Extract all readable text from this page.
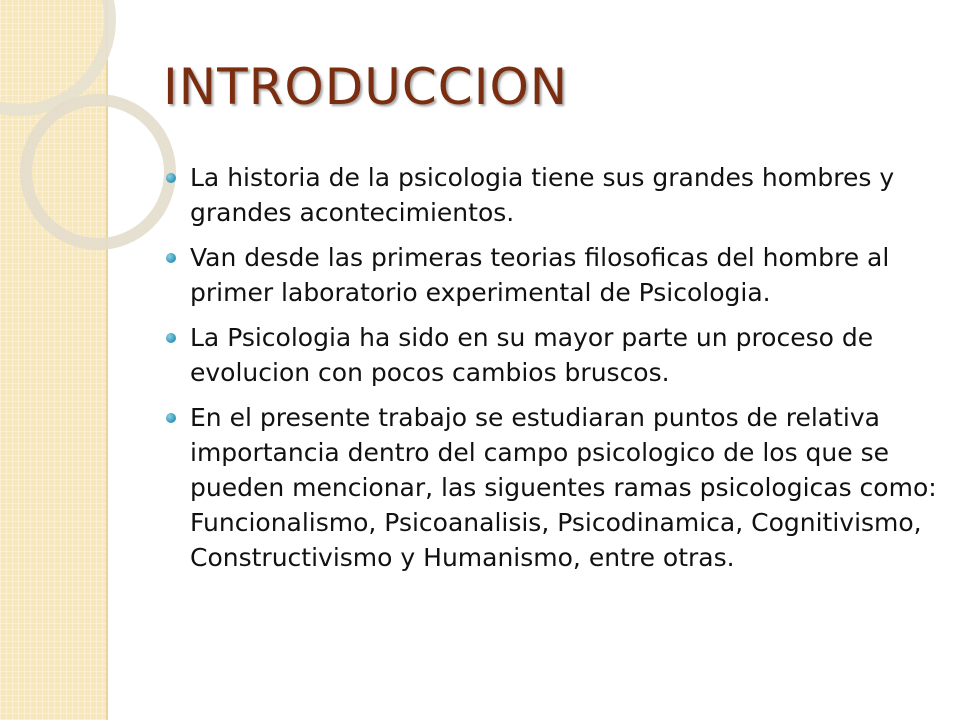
INTRODUCCION
La historia de la psicologia tiene sus grandes hombres y grandes acontecimientos.
Van desde las primeras teorias filosoficas del hombre al primer laboratorio experimental de Psicologia.
La Psicologia ha sido en su mayor parte un proceso de evolucion con pocos cambios bruscos.
En el presente trabajo se estudiaran puntos de relativa importancia dentro del campo psicologico de los que se pueden mencionar, las siguentes ramas psicologicas como: Funcionalismo, Psicoanalisis, Psicodinamica, Cognitivismo, Constructivismo y Humanismo, entre otras.
